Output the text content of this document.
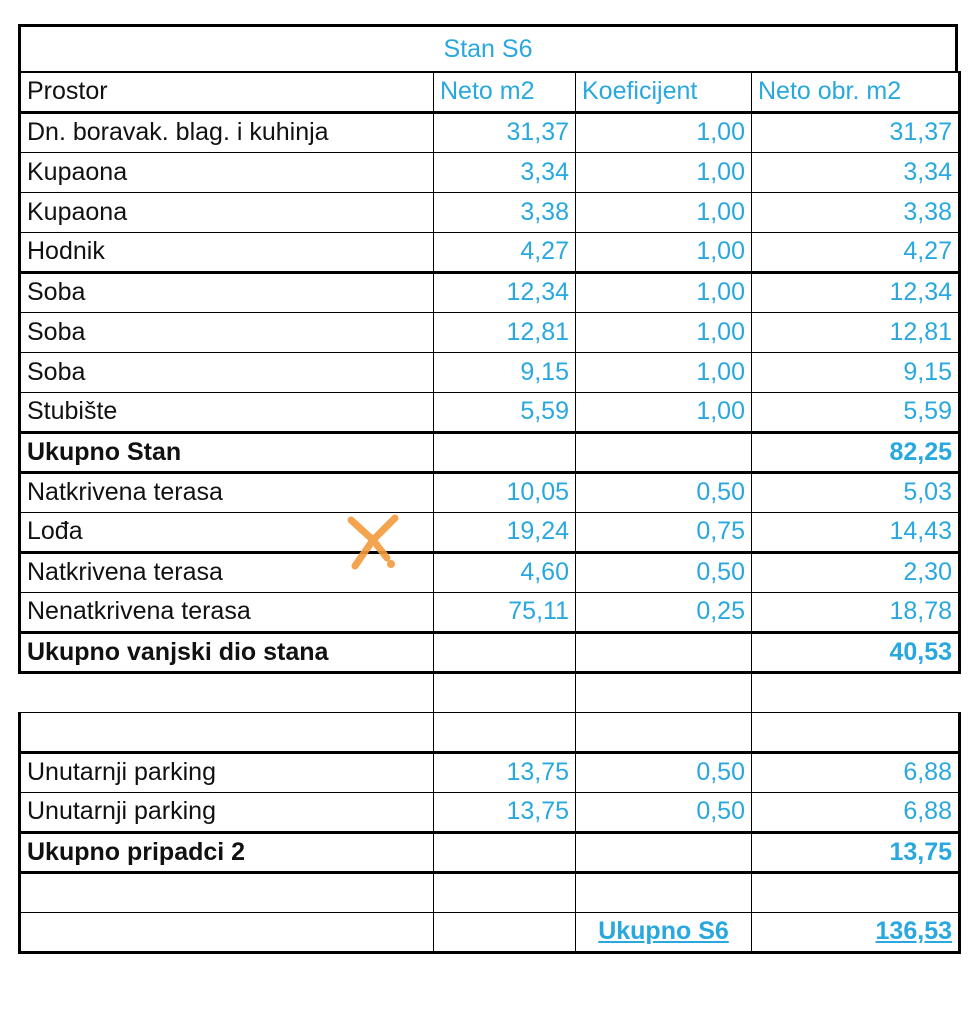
Stan S6
Prostor	Neto m2	Koeficijent	Neto obr. m2
Dn. boravak. blag. i kuhinja	31,37	1,00	31,37
Kupaona	3,34	1,00	3,34
Kupaona	3,38	1,00	3,38
Hodnik	4,27	1,00	4,27
Soba	12,34	1,00	12,34
Soba	12,81	1,00	12,81
Soba	9,15	1,00	9,15
Stubište	5,59	1,00	5,59
Ukupno Stan			82,25
Natkrivena terasa	10,05	0,50	5,03
Lođa	19,24	0,75	14,43
Natkrivena terasa	4,60	0,50	2,30
Nenatkrivena terasa	75,11	0,25	18,78
Ukupno vanjski dio stana			40,53

Unutarnji parking	13,75	0,50	6,88
Unutarnji parking	13,75	0,50	6,88
Ukupno pripadci 2			13,75

		Ukupno S6	136,53
